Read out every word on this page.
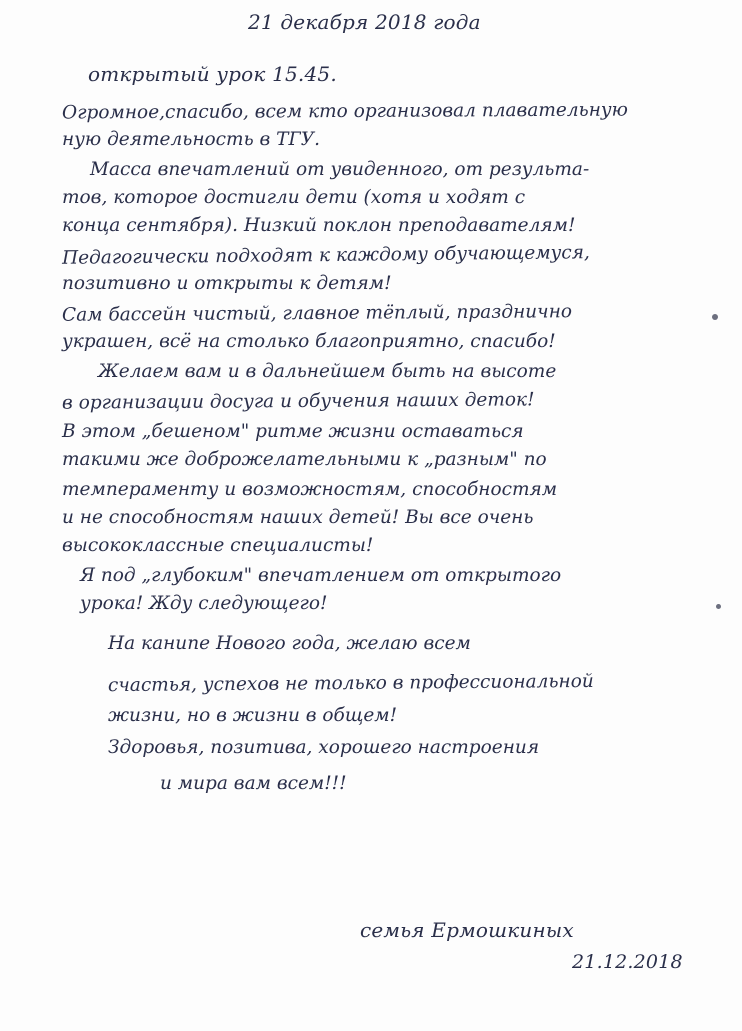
21 декабря 2018 года
открытый урок 15.45.
Огромное,спасибо, всем кто организовал плавательную
ную деятельность в ТГУ.
Масса впечатлений от увиденного, от результа-
тов, которое достигли дети (хотя и ходят с
конца сентября). Низкий поклон преподавателям!
Педагогически подходят к каждому обучающемуся,
позитивно и открыты к детям!
Сам бассейн чистый, главное тёплый, празднично
украшен, всё на столько благоприятно, спасибо!
Желаем вам и в дальнейшем быть на высоте
в организации досуга и обучения наших деток!
В этом „бешеном" ритме жизни оставаться
такими же доброжелательными к „разным" по
темпераменту и возможностям, способностям
и не способностям наших детей! Вы все очень
высококлассные специалисты!
Я под „глубоким" впечатлением от открытого
урока! Жду следующего!
На канune Нового года, желаю всем
счастья, успехов не только в профессиональной
жизни, но в жизни в общем!
Здоровья, позитива, хорошего настроения
и мира вам всем!!!
семья Ермошкиных
21.12.2018
